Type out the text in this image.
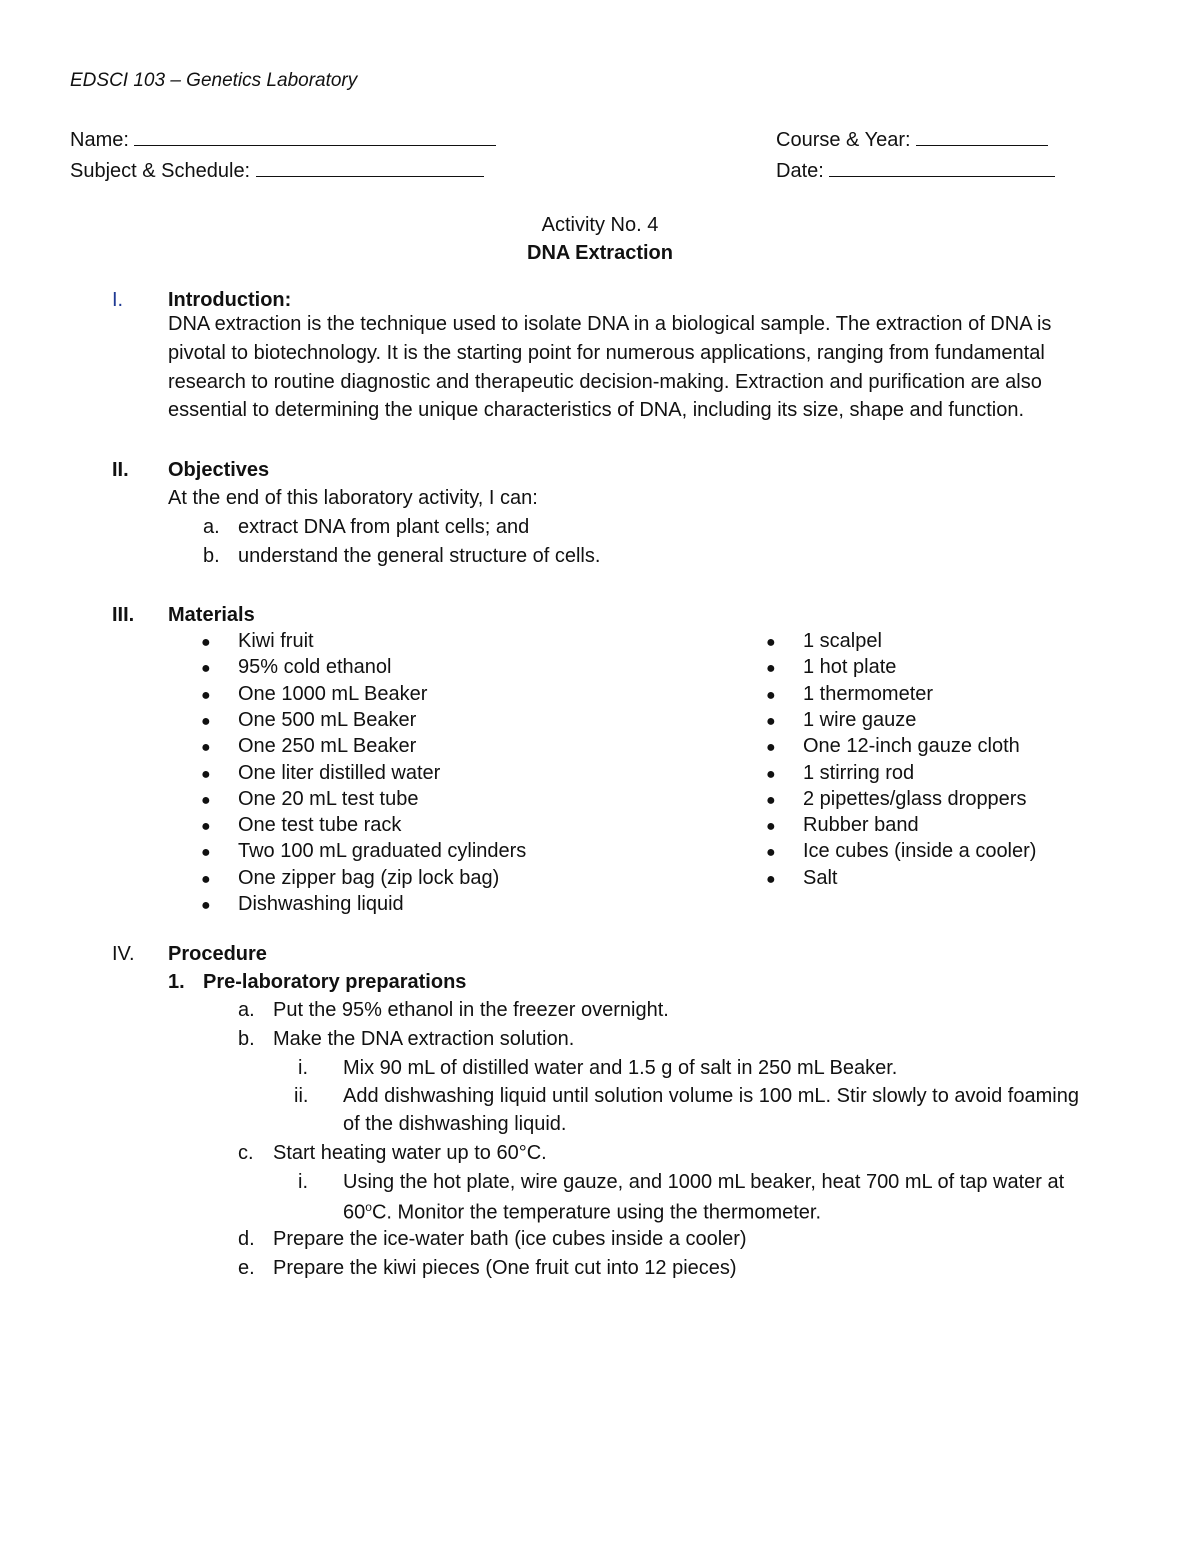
EDSCI 103 – Genetics Laboratory
Name:	Course & Year:
Subject & Schedule:	Date:
Activity No. 4
DNA Extraction
I. Introduction:
DNA extraction is the technique used to isolate DNA in a biological sample. The extraction of DNA is
pivotal to biotechnology. It is the starting point for numerous applications, ranging from fundamental
research to routine diagnostic and therapeutic decision-making. Extraction and purification are also
essential to determining the unique characteristics of DNA, including its size, shape and function.
II. Objectives
At the end of this laboratory activity, I can:
a. extract DNA from plant cells; and
b. understand the general structure of cells.
III. Materials
● Kiwi fruit
● 95% cold ethanol
● One 1000 mL Beaker
● One 500 mL Beaker
● One 250 mL Beaker
● One liter distilled water
● One 20 mL test tube
● One test tube rack
● Two 100 mL graduated cylinders
● One zipper bag (zip lock bag)
● Dishwashing liquid
● 1 scalpel
● 1 hot plate
● 1 thermometer
● 1 wire gauze
● One 12-inch gauze cloth
● 1 stirring rod
● 2 pipettes/glass droppers
● Rubber band
● Ice cubes (inside a cooler)
● Salt
IV. Procedure
1. Pre-laboratory preparations
a. Put the 95% ethanol in the freezer overnight.
b. Make the DNA extraction solution.
i. Mix 90 mL of distilled water and 1.5 g of salt in 250 mL Beaker.
ii. Add dishwashing liquid until solution volume is 100 mL. Stir slowly to avoid foaming
of the dishwashing liquid.
c. Start heating water up to 60°C.
i. Using the hot plate, wire gauze, and 1000 mL beaker, heat 700 mL of tap water at
60$^o$C. Monitor the temperature using the thermometer.
d. Prepare the ice-water bath (ice cubes inside a cooler)
e. Prepare the kiwi pieces (One fruit cut into 12 pieces)
